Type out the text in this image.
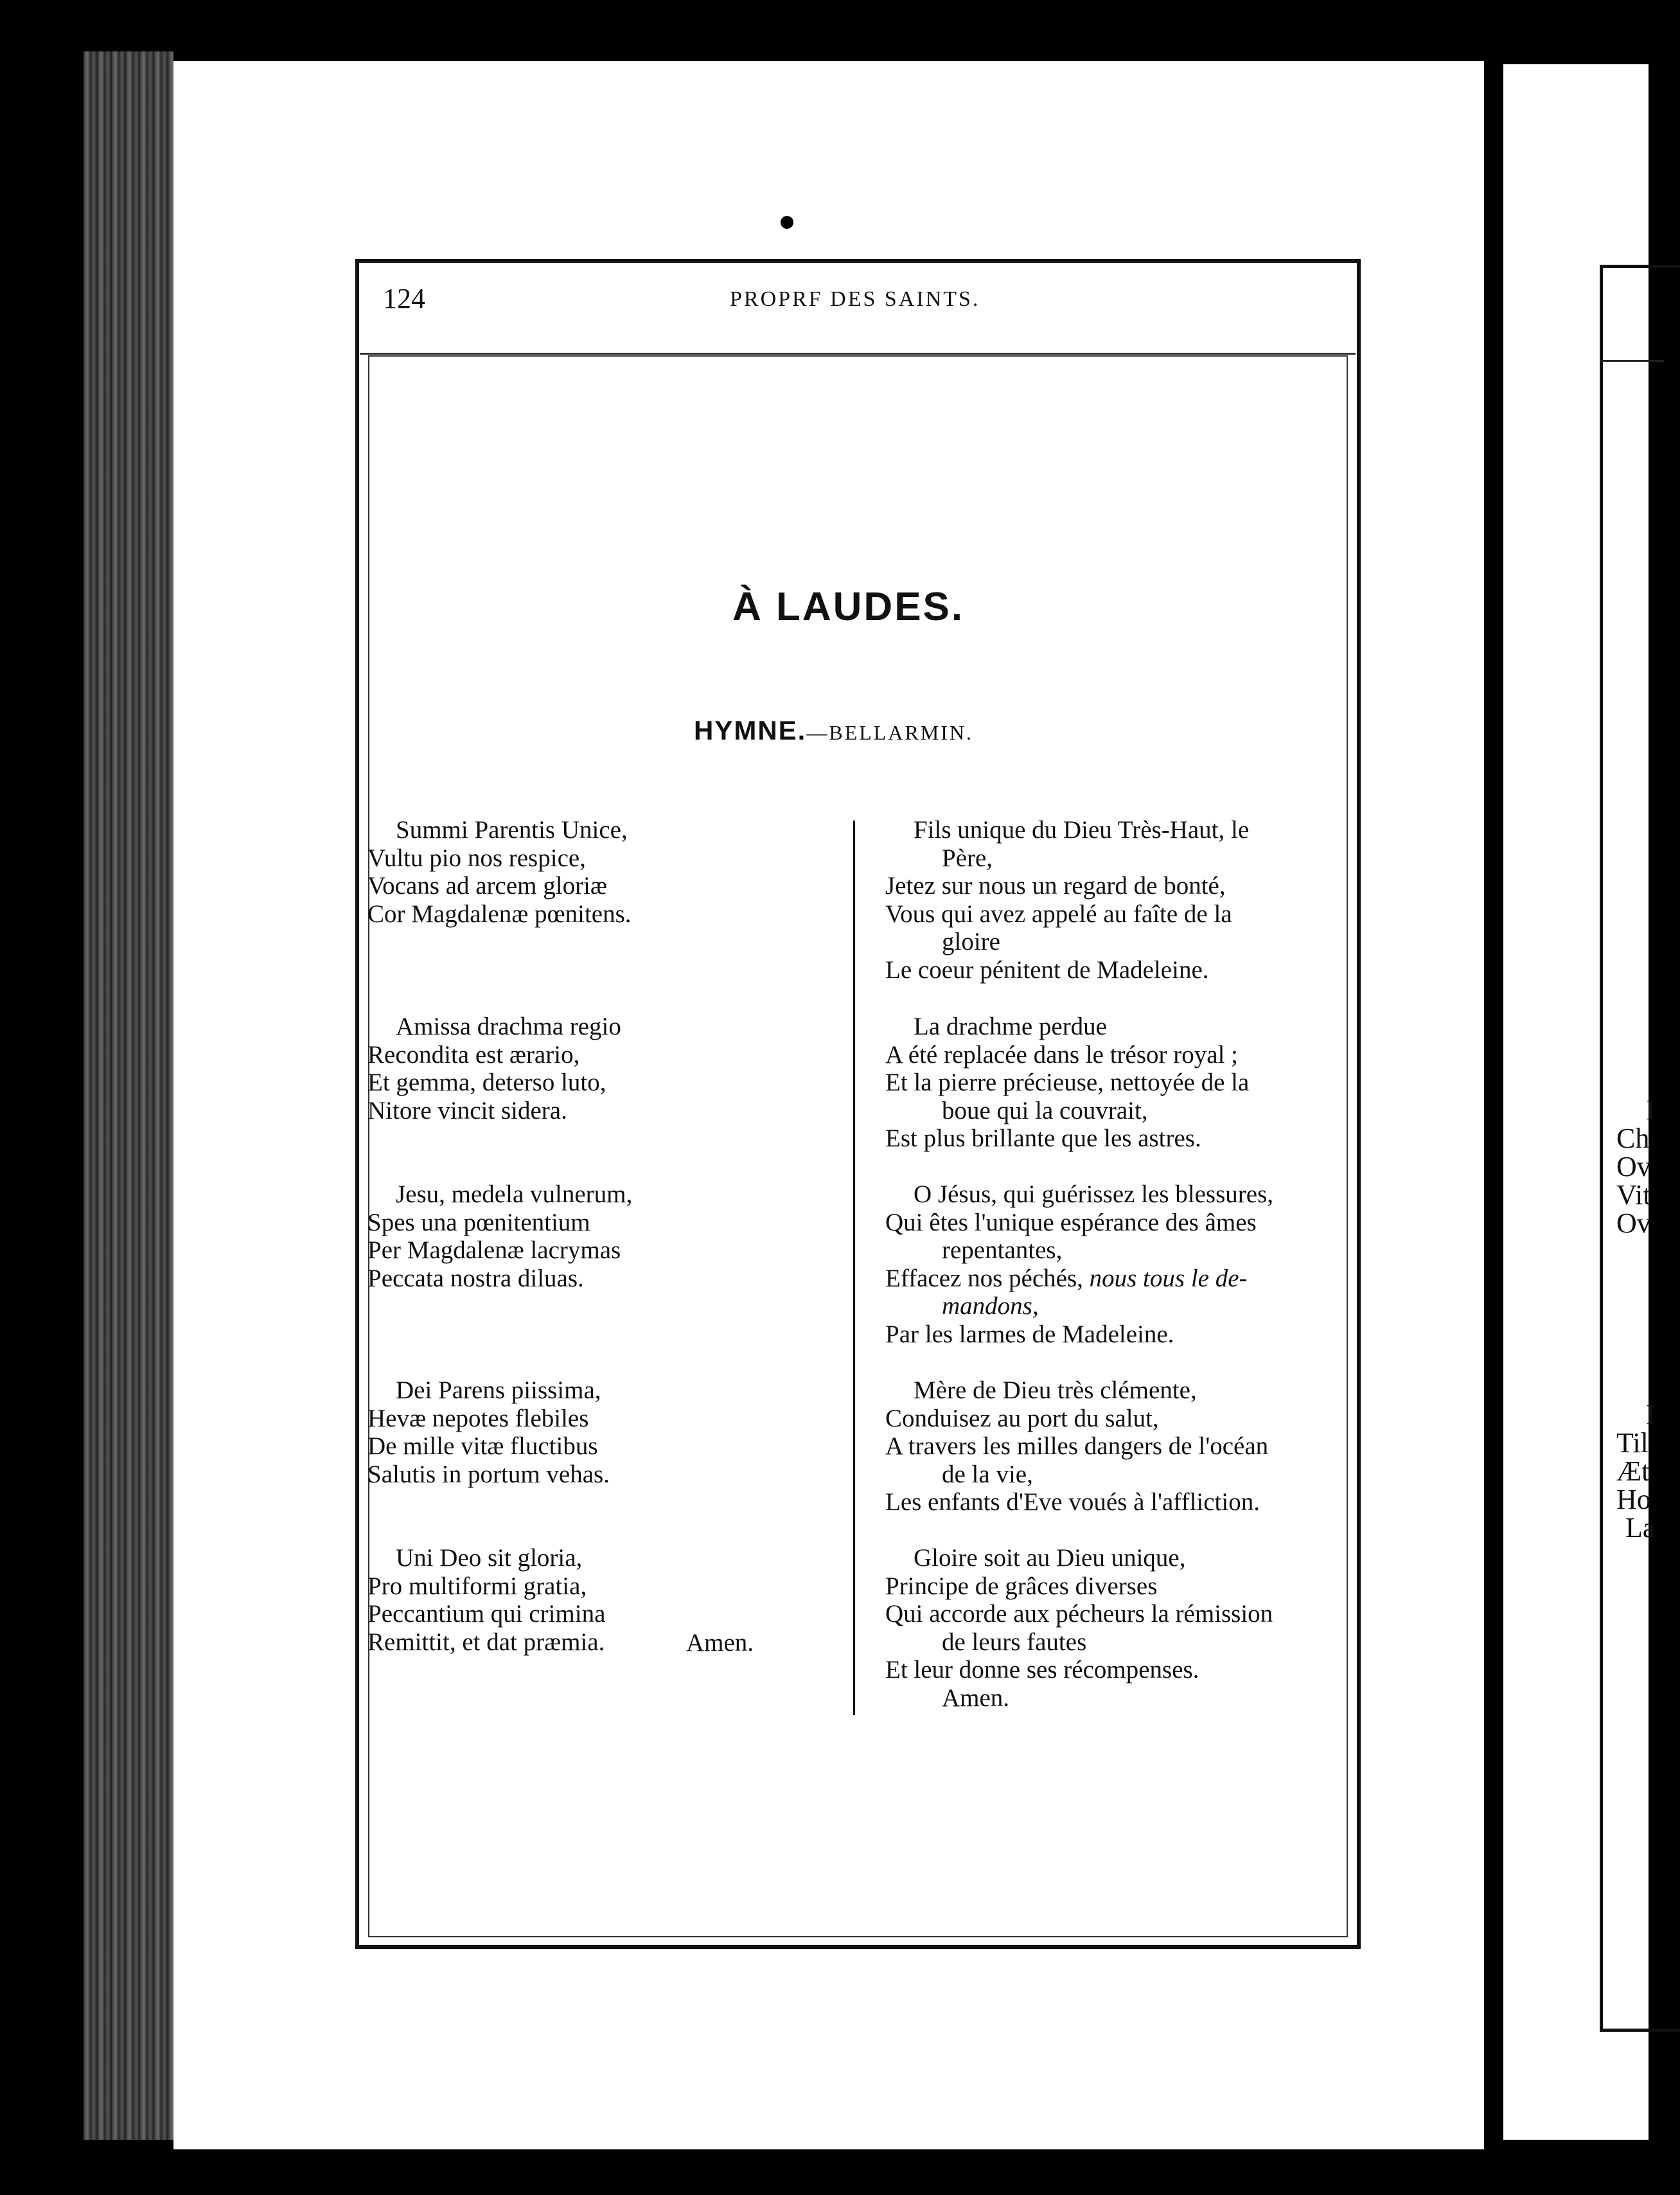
I
Ch
Ov
Vit
Ov
I
Til
Æt
Ho
La
124	PROPRF DES SAINTS.
À LAUDES.
HYMNE.—BELLARMIN.
Summi Parentis Unice,
Vultu pio nos respice,
Vocans ad arcem gloriæ
Cor Magdalenæ pœnitens.
Amissa drachma regio
Recondita est ærario,
Et gemma, deterso luto,
Nitore vincit sidera.
Jesu, medela vulnerum,
Spes una pœnitentium
Per Magdalenæ lacrymas
Peccata nostra diluas.
Dei Parens piissima,
Hevæ nepotes flebiles
De mille vitæ fluctibus
Salutis in portum vehas.
Uni Deo sit gloria,
Pro multiformi gratia,
Peccantium qui crimina
Remittit, et dat præmia.	Amen.
Fils unique du Dieu Très-Haut, le
Père,
Jetez sur nous un regard de bonté,
Vous qui avez appelé au faîte de la
gloire
Le coeur pénitent de Madeleine.
La drachme perdue
A été replacée dans le trésor royal ;
Et la pierre précieuse, nettoyée de la
boue qui la couvrait,
Est plus brillante que les astres.
O Jésus, qui guérissez les blessures,
Qui êtes l'unique espérance des âmes
repentantes,
Effacez nos péchés, nous tous le de-
mandons,
Par les larmes de Madeleine.
Mère de Dieu très clémente,
Conduisez au port du salut,
A travers les milles dangers de l'océan
de la vie,
Les enfants d'Eve voués à l'affliction.
Gloire soit au Dieu unique,
Principe de grâces diverses
Qui accorde aux pécheurs la rémission
de leurs fautes
Et leur donne ses récompenses.
Amen.
